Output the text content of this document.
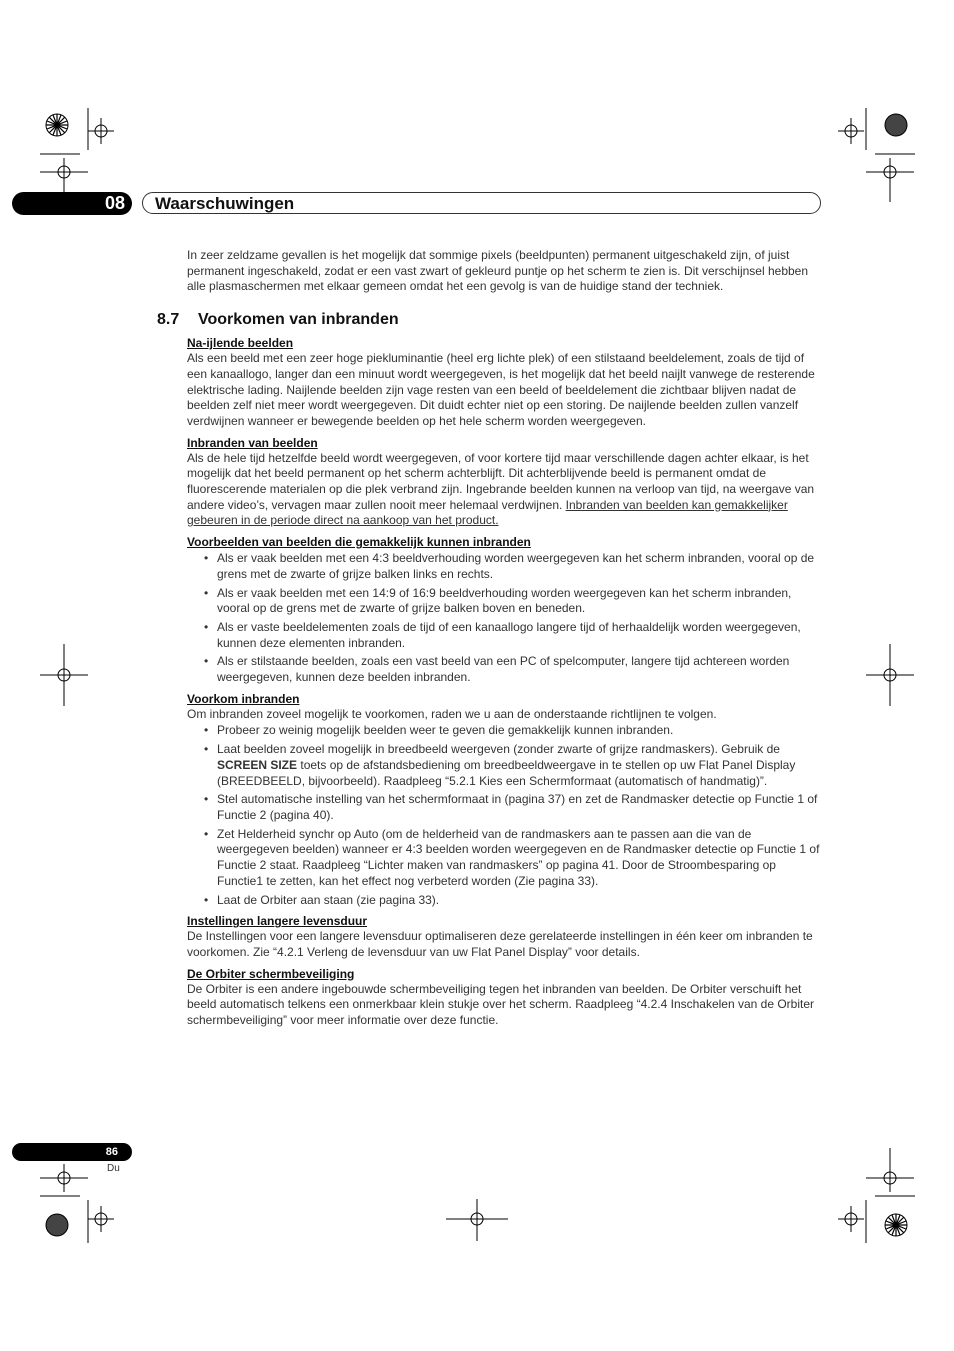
08	Waarschuwingen

In zeer zeldzame gevallen is het mogelijk dat sommige pixels (beeldpunten) permanent uitgeschakeld zijn, of juist permanent ingeschakeld, zodat er een vast zwart of gekleurd puntje op het scherm te zien is. Dit verschijnsel hebben alle plasmaschermen met elkaar gemeen omdat het een gevolg is van de huidige stand der techniek.

8.7 Voorkomen van inbranden

Na-ijlende beelden

Als een beeld met een zeer hoge piekluminantie (heel erg lichte plek) of een stilstaand beeldelement, zoals de tijd of een kanaallogo, langer dan een minuut wordt weergegeven, is het mogelijk dat het beeld naijlt vanwege de resterende elektrische lading. Naijlende beelden zijn vage resten van een beeld of beeldelement die zichtbaar blijven nadat de beelden zelf niet meer wordt weergegeven. Dit duidt echter niet op een storing. De naijlende beelden zullen vanzelf verdwijnen wanneer er bewegende beelden op het hele scherm worden weergegeven.

Inbranden van beelden

Als de hele tijd hetzelfde beeld wordt weergegeven, of voor kortere tijd maar verschillende dagen achter elkaar, is het mogelijk dat het beeld permanent op het scherm achterblijft. Dit achterblijvende beeld is permanent omdat de fluorescerende materialen op die plek verbrand zijn. Ingebrande beelden kunnen na verloop van tijd, na weergave van andere video’s, vervagen maar zullen nooit meer helemaal verdwijnen. Inbranden van beelden kan gemakkelijker gebeuren in de periode direct na aankoop van het product.

Voorbeelden van beelden die gemakkelijk kunnen inbranden

• Als er vaak beelden met een 4:3 beeldverhouding worden weergegeven kan het scherm inbranden, vooral op de grens met de zwarte of grijze balken links en rechts.
• Als er vaak beelden met een 14:9 of 16:9 beeldverhouding worden weergegeven kan het scherm inbranden, vooral op de grens met de zwarte of grijze balken boven en beneden.
• Als er vaste beeldelementen zoals de tijd of een kanaallogo langere tijd of herhaaldelijk worden weergegeven, kunnen deze elementen inbranden.
• Als er stilstaande beelden, zoals een vast beeld van een PC of spelcomputer, langere tijd achtereen worden weergegeven, kunnen deze beelden inbranden.

Voorkom inbranden

Om inbranden zoveel mogelijk te voorkomen, raden we u aan de onderstaande richtlijnen te volgen.

• Probeer zo weinig mogelijk beelden weer te geven die gemakkelijk kunnen inbranden.
• Laat beelden zoveel mogelijk in breedbeeld weergeven (zonder zwarte of grijze randmaskers). Gebruik de SCREEN SIZE toets op de afstandsbediening om breedbeeldweergave in te stellen op uw Flat Panel Display (BREEDBEELD, bijvoorbeeld). Raadpleeg “5.2.1 Kies een Schermformaat (automatisch of handmatig)”.
• Stel automatische instelling van het schermformaat in (pagina 37) en zet de Randmasker detectie op Functie 1 of Functie 2 (pagina 40).
• Zet Helderheid synchr op Auto (om de helderheid van de randmaskers aan te passen aan die van de weergegeven beelden) wanneer er 4:3 beelden worden weergegeven en de Randmasker detectie op Functie 1 of Functie 2 staat. Raadpleeg “Lichter maken van randmaskers” op pagina 41. Door de Stroombesparing op Functie1 te zetten, kan het effect nog verbeterd worden (Zie pagina 33).
• Laat de Orbiter aan staan (zie pagina 33).

Instellingen langere levensduur

De Instellingen voor een langere levensduur optimaliseren deze gerelateerde instellingen in één keer om inbranden te voorkomen. Zie “4.2.1 Verleng de levensduur van uw Flat Panel Display” voor details.

De Orbiter schermbeveiliging

De Orbiter is een andere ingebouwde schermbeveiliging tegen het inbranden van beelden. De Orbiter verschuift het beeld automatisch telkens een onmerkbaar klein stukje over het scherm. Raadpleeg “4.2.4 Inschakelen van de Orbiter schermbeveiliging” voor meer informatie over deze functie.

86
Du
